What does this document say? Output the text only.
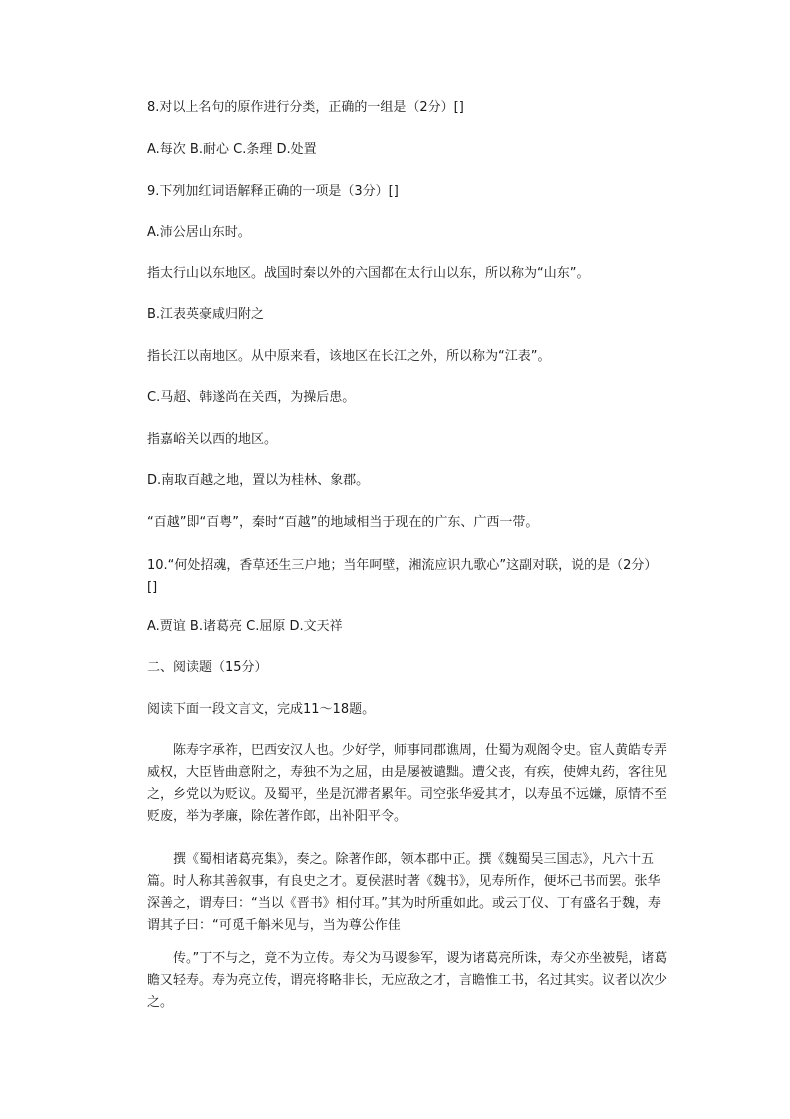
8.对以上名句的原作进行分类，正确的一组是（2分）[]
A.每次 B.耐心 C.条理 D.处置
9.下列加红词语解释正确的一项是（3分）[]
A.沛公居山东时。
指太行山以东地区。战国时秦以外的六国都在太行山以东，所以称为“山东”。
B.江表英豪咸归附之
指长江以南地区。从中原来看，该地区在长江之外，所以称为“江表”。
C.马超、韩遂尚在关西，为操后患。
指嘉峪关以西的地区。
D.南取百越之地，置以为桂林、象郡。
“百越”即“百粤”，秦时“百越”的地域相当于现在的广东、广西一带。
10.“何处招魂，香草还生三户地；当年呵壁，湘流应识九歌心”这副对联，说的是（2分）[]
A.贾谊 B.诸葛亮 C.屈原 D.文天祥
二、阅读题（15分）
阅读下面一段文言文，完成11～18题。
陈寿字承祚，巴西安汉人也。少好学，师事同郡谯周，仕蜀为观阁令史。宦人黄皓专弄威权，大臣皆曲意附之，寿独不为之屈，由是屡被谴黜。遭父丧，有疾，使婢丸药，客往见之，乡党以为贬议。及蜀平，坐是沉滞者累年。司空张华爱其才，以寿虽不远嫌，原情不至贬废，举为孝廉，除佐著作郎，出补阳平令。
撰《蜀相诸葛亮集》，奏之。除著作郎，领本郡中正。撰《魏蜀吴三国志》，凡六十五篇。时人称其善叙事，有良史之才。夏侯湛时著《魏书》，见寿所作，便坏己书而罢。张华深善之，谓寿曰：“当以《晋书》相付耳。”其为时所重如此。或云丁仪、丁有盛名于魏，寿谓其子曰：“可觅千斛米见与，当为尊公作佳
传。”丁不与之，竟不为立传。寿父为马谡参军，谡为诸葛亮所诛，寿父亦坐被髡，诸葛瞻又轻寿。寿为亮立传，谓亮将略非长，无应敌之才，言瞻惟工书，名过其实。议者以次少之。
